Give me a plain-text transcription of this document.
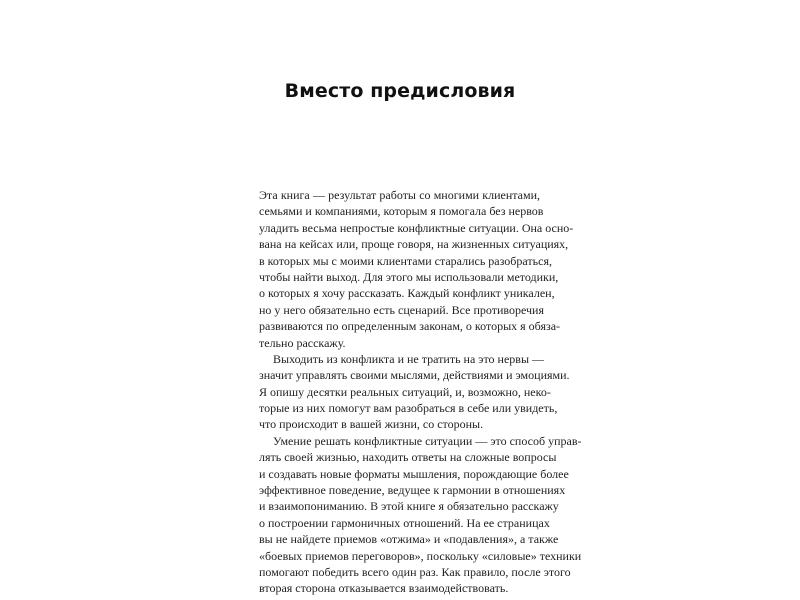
Вместо предисловия

Эта книга — результат работы со многими клиентами,
семьями и компаниями, которым я помогала без нервов
уладить весьма непростые конфликтные ситуации. Она осно-
вана на кейсах или, проще говоря, на жизненных ситуациях,
в которых мы с моими клиентами старались разобраться,
чтобы найти выход. Для этого мы использовали методики,
о которых я хочу рассказать. Каждый конфликт уникален,
но у него обязательно есть сценарий. Все противоречия
развиваются по определенным законам, о которых я обяза-
тельно расскажу.

Выходить из конфликта и не тратить на это нервы —
значит управлять своими мыслями, действиями и эмоциями.
Я опишу десятки реальных ситуаций, и, возможно, неко-
торые из них помогут вам разобраться в себе или увидеть,
что происходит в вашей жизни, со стороны.

Умение решать конфликтные ситуации — это способ управ-
лять своей жизнью, находить ответы на сложные вопросы
и создавать новые форматы мышления, порождающие более
эффективное поведение, ведущее к гармонии в отношениях
и взаимопониманию. В этой книге я обязательно расскажу
о построении гармоничных отношений. На ее страницах
вы не найдете приемов «отжима» и «подавления», а также
«боевых приемов переговоров», поскольку «силовые» техники
помогают победить всего один раз. Как правило, после этого
вторая сторона отказывается взаимодействовать.
